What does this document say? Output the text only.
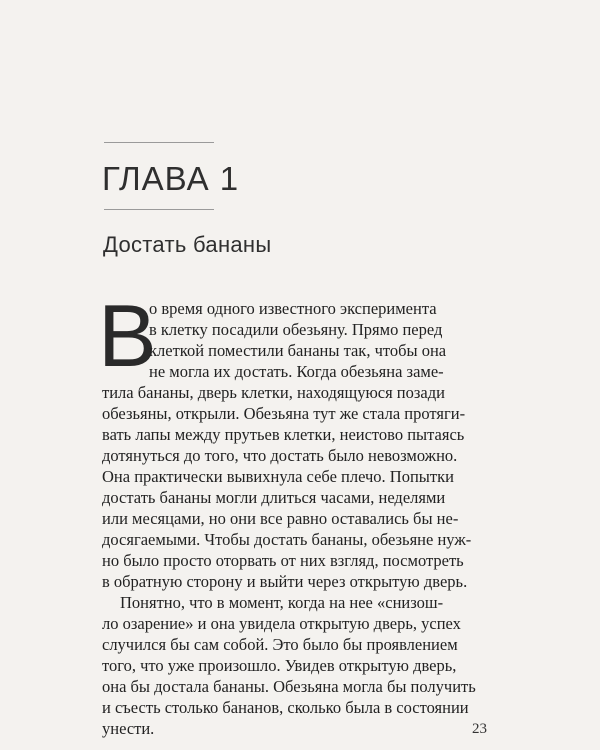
ГЛАВА 1
Достать бананы
В
о время одного известного эксперимента
в клетку посадили обезьяну. Прямо перед
клеткой поместили бананы так, чтобы она
не могла их достать. Когда обезьяна заме-
тила бананы, дверь клетки, находящуюся позади
обезьяны, открыли. Обезьяна тут же стала протяги-
вать лапы между прутьев клетки, неистово пытаясь
дотянуться до того, что достать было невозможно.
Она практически вывихнула себе плечо. Попытки
достать бананы могли длиться часами, неделями
или месяцами, но они все равно оставались бы не-
досягаемыми. Чтобы достать бананы, обезьяне нуж-
но было просто оторвать от них взгляд, посмотреть
в обратную сторону и выйти через открытую дверь.
Понятно, что в момент, когда на нее «снизош-
ло озарение» и она увидела открытую дверь, успех
случился бы сам собой. Это было бы проявлением
того, что уже произошло. Увидев открытую дверь,
она бы достала бананы. Обезьяна могла бы получить
и съесть столько бананов, сколько была в состоянии
унести.	23
